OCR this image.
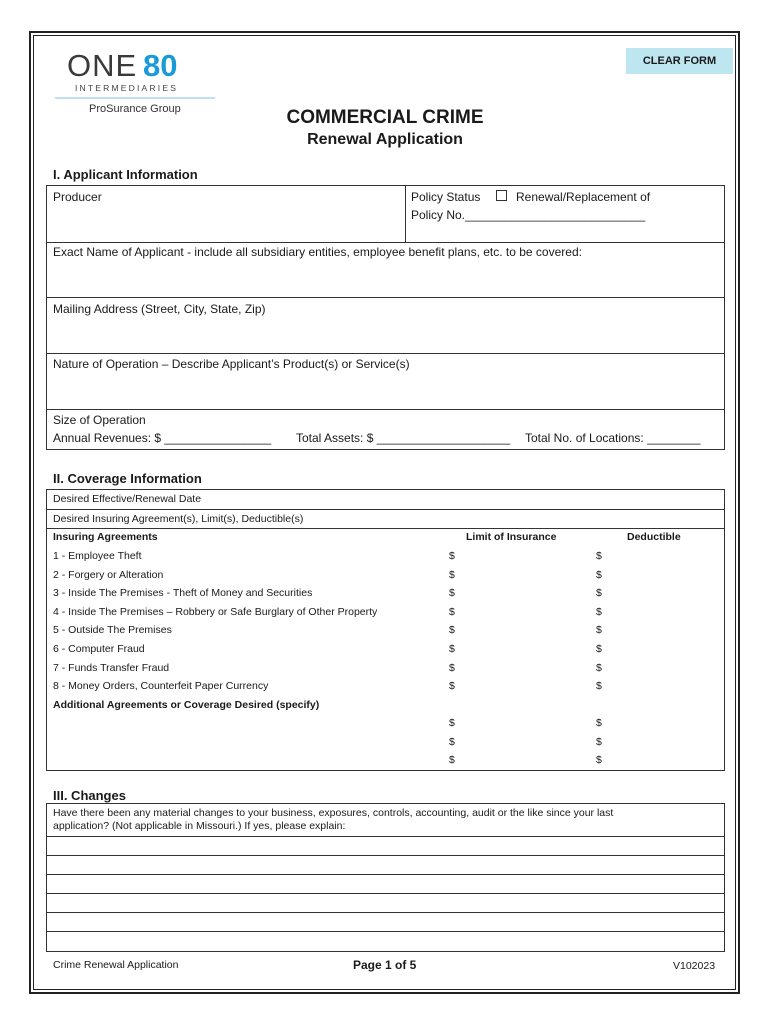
ONE 80
INTERMEDIARIES
ProSurance Group
CLEAR FORM
COMMERCIAL CRIME
Renewal Application
I. Applicant Information
Producer	Policy Status	Renewal/Replacement of
Policy No.___________________________
Exact Name of Applicant - include all subsidiary entities, employee benefit plans, etc. to be covered:
Mailing Address (Street, City, State, Zip)
Nature of Operation – Describe Applicant’s Product(s) or Service(s)
Size of Operation
Annual Revenues: $ ________________ Total Assets: $ ____________________ Total No. of Locations: ________
II. Coverage Information
Desired Effective/Renewal Date
Desired Insuring Agreement(s), Limit(s), Deductible(s)
Insuring Agreements	Limit of Insurance	Deductible
1 - Employee Theft	$	$
2 - Forgery or Alteration	$	$
3 - Inside The Premises - Theft of Money and Securities	$	$
4 - Inside The Premises – Robbery or Safe Burglary of Other Property	$	$
5 - Outside The Premises	$	$
6 - Computer Fraud	$	$
7 - Funds Transfer Fraud	$	$
8 - Money Orders, Counterfeit Paper Currency	$	$
Additional Agreements or Coverage Desired (specify)
$	$
$	$
$	$
III. Changes
Have there been any material changes to your business, exposures, controls, accounting, audit or the like since your last
application? (Not applicable in Missouri.) If yes, please explain:
Crime Renewal Application	Page 1 of 5	V102023
